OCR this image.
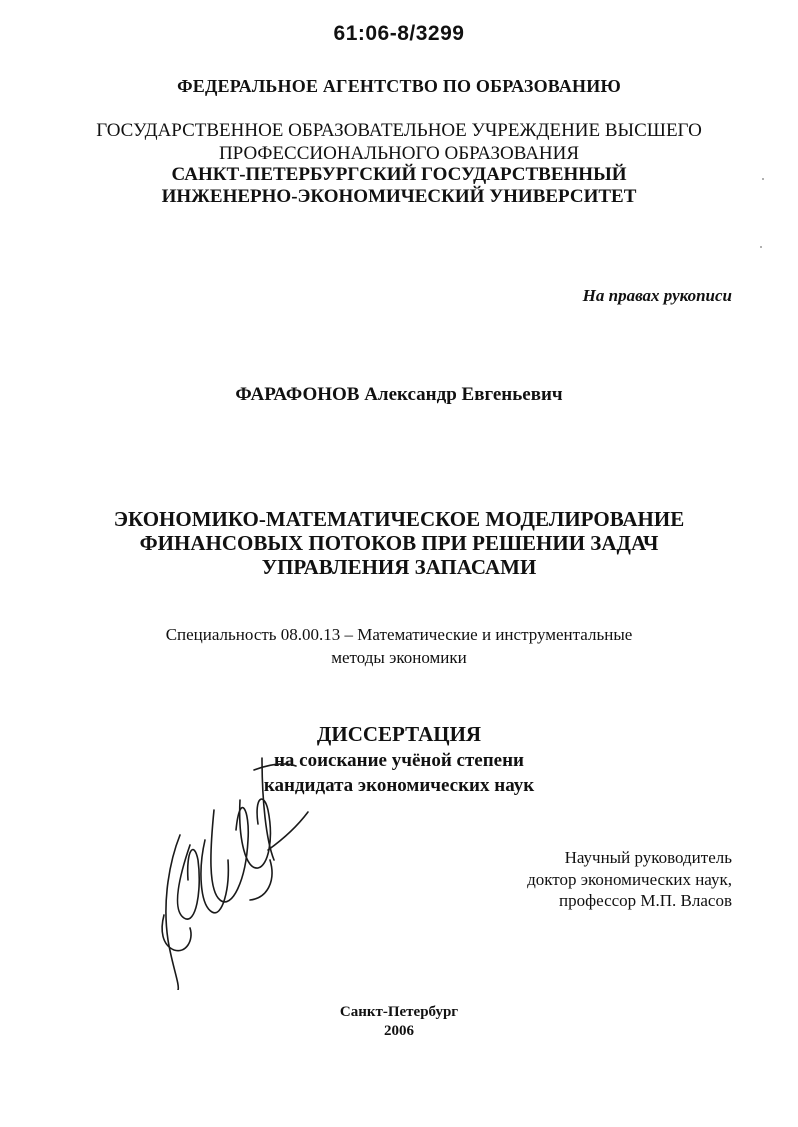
61:06-8/3299
ФЕДЕРАЛЬНОЕ АГЕНТСТВО ПО ОБРАЗОВАНИЮ
ГОСУДАРСТВЕННОЕ ОБРАЗОВАТЕЛЬНОЕ УЧРЕЖДЕНИЕ ВЫСШЕГО
ПРОФЕССИОНАЛЬНОГО ОБРАЗОВАНИЯ
САНКТ-ПЕТЕРБУРГСКИЙ ГОСУДАРСТВЕННЫЙ
ИНЖЕНЕРНО-ЭКОНОМИЧЕСКИЙ УНИВЕРСИТЕТ
На правах рукописи
ФАРАФОНОВ Александр Евгеньевич
ЭКОНОМИКО-МАТЕМАТИЧЕСКОЕ МОДЕЛИРОВАНИЕ
ФИНАНСОВЫХ ПОТОКОВ ПРИ РЕШЕНИИ ЗАДАЧ
УПРАВЛЕНИЯ ЗАПАСАМИ
Специальность 08.00.13 – Математические и инструментальные
методы экономики
ДИССЕРТАЦИЯ
на соискание учёной степени
кандидата экономических наук
Научный руководитель
доктор экономических наук,
профессор М.П. Власов
Санкт-Петербург
2006
